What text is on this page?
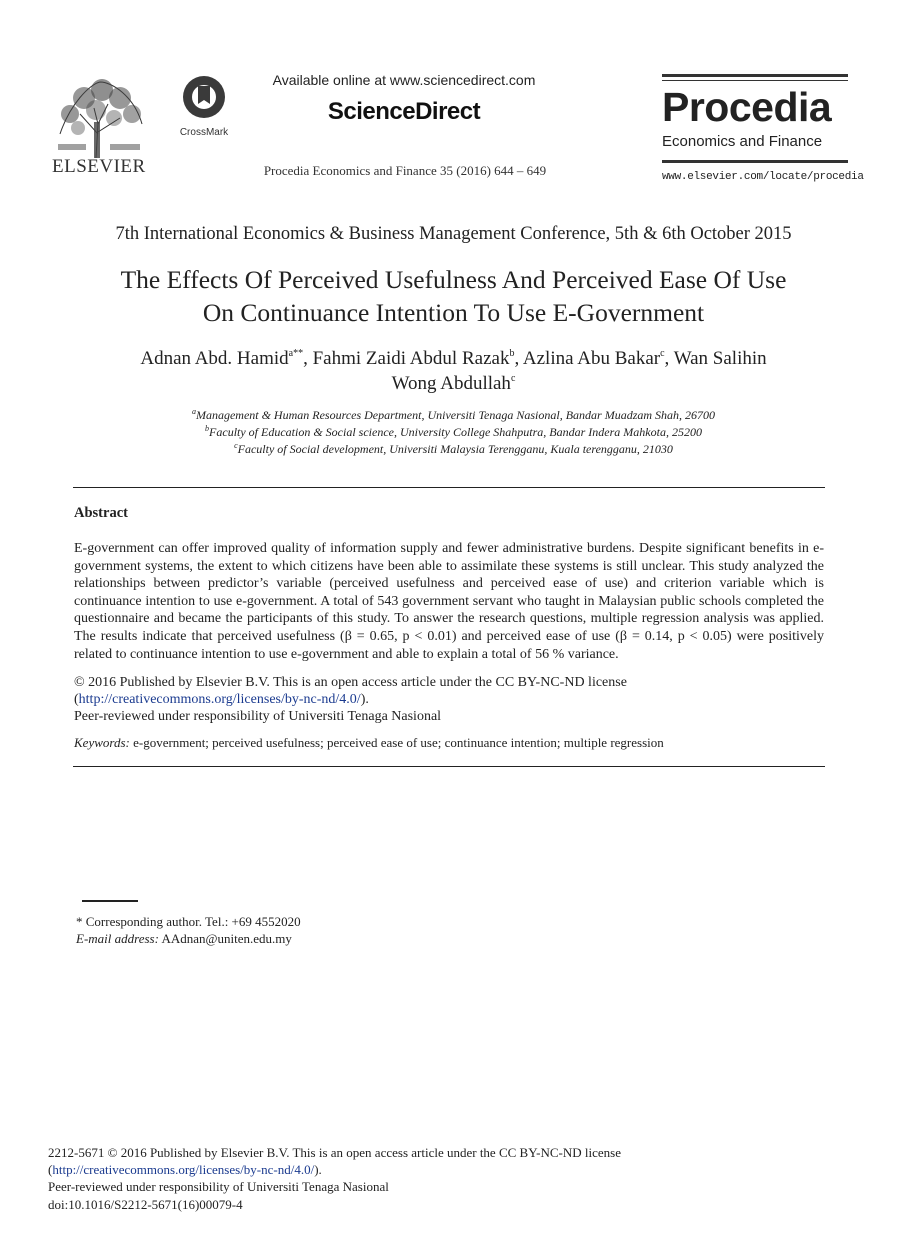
ELSEVIER
CrossMark
Available online at www.sciencedirect.com
ScienceDirect
Procedia Economics and Finance 35 (2016) 644 – 649
Procedia
Economics and Finance
www.elsevier.com/locate/procedia
7th International Economics & Business Management Conference, 5th & 6th October 2015
The Effects Of Perceived Usefulness And Perceived Ease Of Use
On Continuance Intention To Use E-Government
Adnan Abd. Hamid$^{a**}$, Fahmi Zaidi Abdul Razak$^b$, Azlina Abu Bakar$^c$, Wan Salihin
Wong Abdullah$^c$
$^a$Management & Human Resources Department, Universiti Tenaga Nasional, Bandar Muadzam Shah, 26700
$^b$Faculty of Education & Social science, University College Shahputra, Bandar Indera Mahkota, 25200
$^c$Faculty of Social development, Universiti Malaysia Terengganu, Kuala terengganu, 21030
Abstract
E-government can offer improved quality of information supply and fewer administrative burdens. Despite significant benefits in e-government systems, the extent to which citizens have been able to assimilate these systems is still unclear. This study analyzed the relationships between predictor’s variable (perceived usefulness and perceived ease of use) and criterion variable which is continuance intention to use e-government. A total of 543 government servant who taught in Malaysian public schools completed the questionnaire and became the participants of this study. To answer the research questions, multiple regression analysis was applied. The results indicate that perceived usefulness (β = 0.65, p < 0.01) and perceived ease of use (β = 0.14, p < 0.05) were positively related to continuance intention to use e-government and able to explain a total of 56 % variance.
© 2016 Published by Elsevier B.V. This is an open access article under the CC BY-NC-ND license
(http://creativecommons.org/licenses/by-nc-nd/4.0/).
Peer-reviewed under responsibility of Universiti Tenaga Nasional
Keywords: e-government; perceived usefulness; perceived ease of use; continuance intention; multiple regression
* Corresponding author. Tel.: +69 4552020
E-mail address: AAdnan@uniten.edu.my
2212-5671 © 2016 Published by Elsevier B.V. This is an open access article under the CC BY-NC-ND license
(http://creativecommons.org/licenses/by-nc-nd/4.0/).
Peer-reviewed under responsibility of Universiti Tenaga Nasional
doi:10.1016/S2212-5671(16)00079-4
